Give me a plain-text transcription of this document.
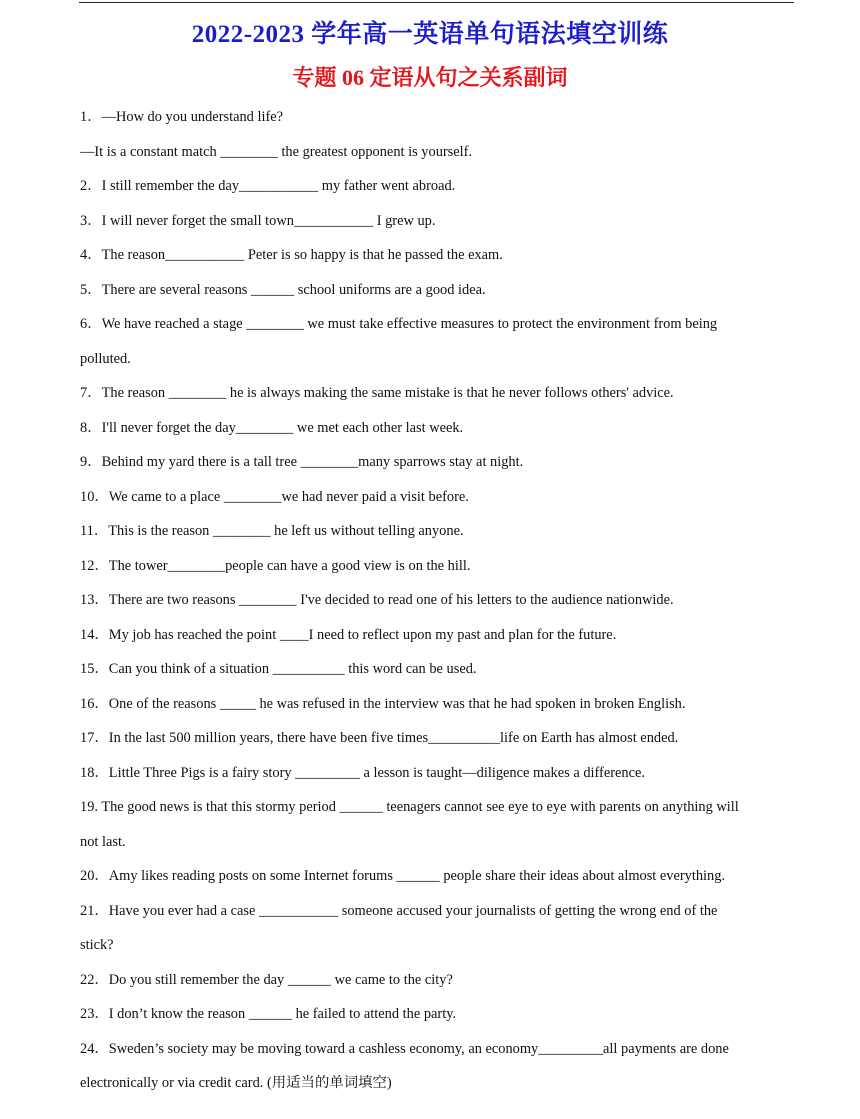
2022-2023 学年高一英语单句语法填空训练
专题 06 定语从句之关系副词
1．—How do you understand life?
—It is a constant match ________ the greatest opponent is yourself.
2．I still remember the day___________ my father went abroad.
3．I will never forget the small town___________ I grew up.
4．The reason___________ Peter is so happy is that he passed the exam.
5．There are several reasons ______ school uniforms are a good idea.
6．We have reached a stage ________ we must take effective measures to protect the environment from being
polluted.
7．The reason ________ he is always making the same mistake is that he never follows others' advice.
8．I'll never forget the day________ we met each other last week.
9．Behind my yard there is a tall tree ________many sparrows stay at night.
10．We came to a place ________we had never paid a visit before.
11．This is the reason ________ he left us without telling anyone.
12．The tower________people can have a good view is on the hill.
13．There are two reasons ________ I've decided to read one of his letters to the audience nationwide.
14．My job has reached the point ____I need to reflect upon my past and plan for the future.
15．Can you think of a situation __________ this word can be used.
16．One of the reasons _____ he was refused in the interview was that he had spoken in broken English.
17．In the last 500 million years, there have been five times__________life on Earth has almost ended.
18．Little Three Pigs is a fairy story _________ a lesson is taught—diligence makes a difference.
19. The good news is that this stormy period ______ teenagers cannot see eye to eye with parents on anything will
not last.
20．Amy likes reading posts on some Internet forums ______ people share their ideas about almost everything.
21．Have you ever had a case ___________ someone accused your journalists of getting the wrong end of the
stick?
22．Do you still remember the day ______ we came to the city?
23．I don’t know the reason ______ he failed to attend the party.
24．Sweden’s society may be moving toward a cashless economy, an economy_________all payments are done
electronically or via credit card. (用适当的单词填空)
